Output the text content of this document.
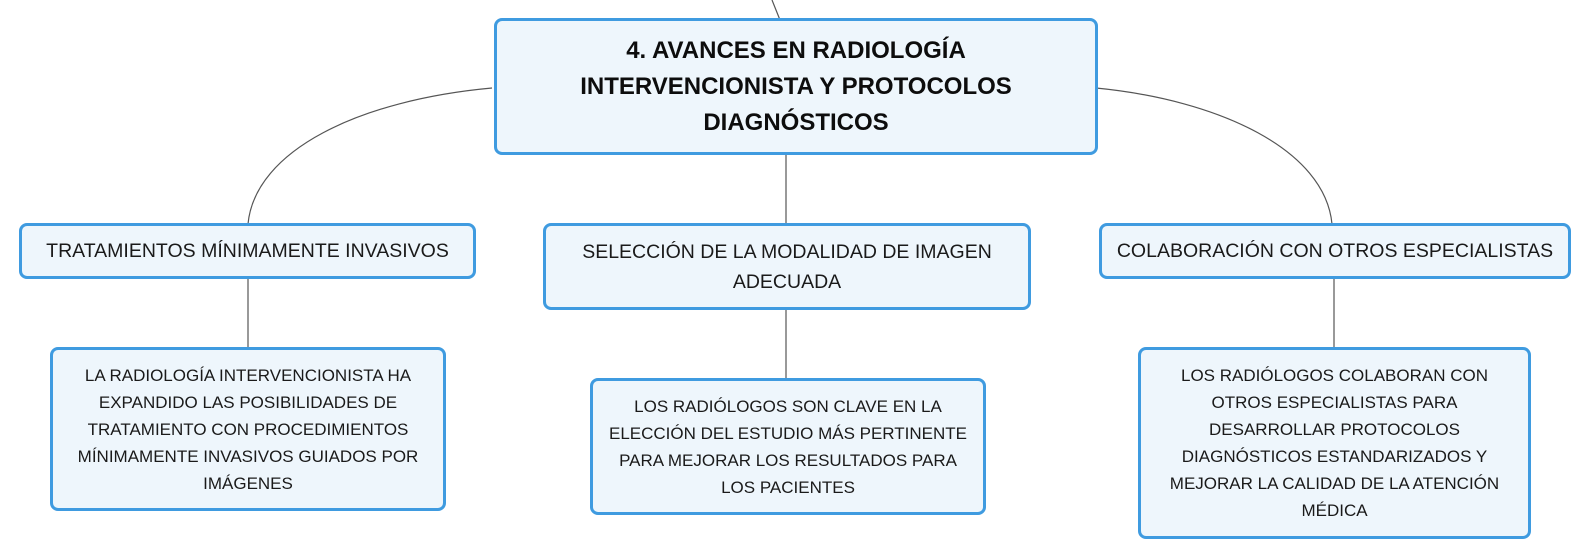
4. AVANCES EN RADIOLOGÍA INTERVENCIONISTA Y PROTOCOLOS DIAGNÓSTICOS
TRATAMIENTOS MÍNIMAMENTE INVASIVOS	SELECCIÓN DE LA MODALIDAD DE IMAGEN ADECUADA
COLABORACIÓN CON OTROS ESPECIALISTAS
LA RADIOLOGÍA INTERVENCIONISTA HA EXPANDIDO LAS POSIBILIDADES DE TRATAMIENTO CON PROCEDIMIENTOS MÍNIMAMENTE INVASIVOS GUIADOS POR IMÁGENES
LOS RADIÓLOGOS SON CLAVE EN LA ELECCIÓN DEL ESTUDIO MÁS PERTINENTE PARA MEJORAR LOS RESULTADOS PARA LOS PACIENTES
LOS RADIÓLOGOS COLABORAN CON OTROS ESPECIALISTAS PARA DESARROLLAR PROTOCOLOS DIAGNÓSTICOS ESTANDARIZADOS Y MEJORAR LA CALIDAD DE LA ATENCIÓN MÉDICA
